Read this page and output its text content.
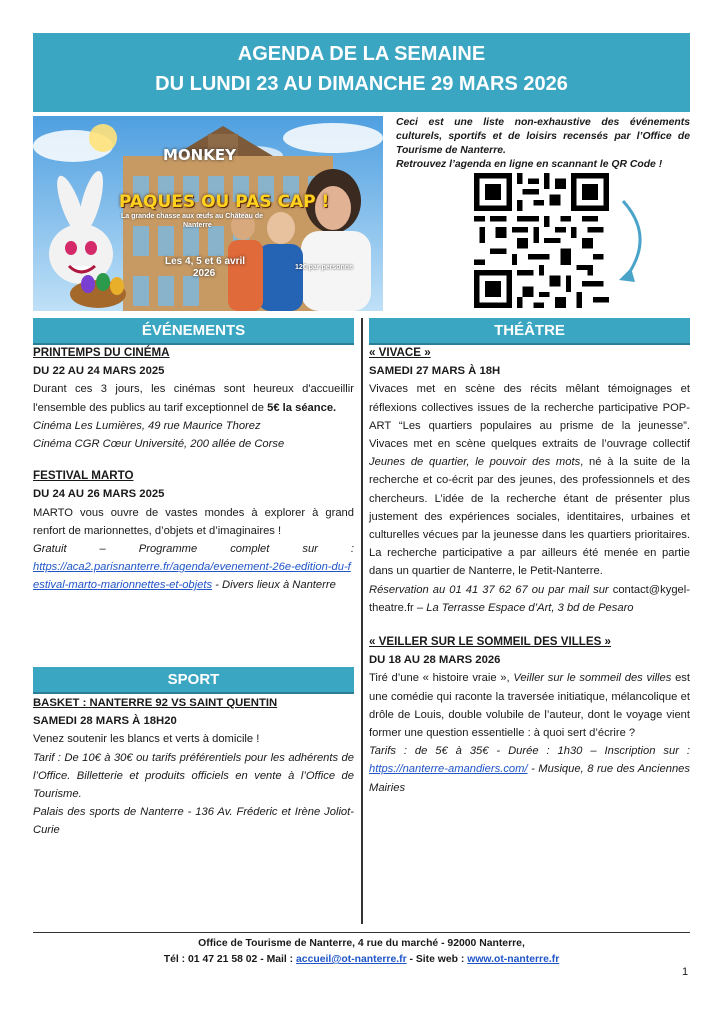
AGENDA DE LA SEMAINE
DU LUNDI 23 AU DIMANCHE 29 MARS 2026
MONKEY
PAQUES OU PAS CAP !
La grande chasse aux œufs au Château de
Nanterre
Les 4, 5 et 6 avril
2026
12€ par personne
Ceci est une liste non-exhaustive des événements culturels, sportifs et de loisirs recensés par l’Office de Tourisme de Nanterre.
Retrouvez l’agenda en ligne en scannant le QR Code !
ÉVÉNEMENTS

PRINTEMPS DU CINÉMA

DU 22 AU 24 MARS 2025

Durant ces 3 jours, les cinémas sont heureux d'accueillir l'ensemble des publics au tarif exceptionnel de 5€ la séance.

Cinéma Les Lumières, 49 rue Maurice Thorez

Cinéma CGR Cœur Université, 200 allée de Corse

FESTIVAL MARTO

DU 24 AU 26 MARS 2025

MARTO vous ouvre de vastes mondes à explorer à grand renfort de marionnettes, d’objets et d’imaginaires !

Gratuit – Programme complet sur :

https://aca2.parisnanterre.fr/agenda/evenement-26e-edition-du-festival-marto-marionnettes-et-objets - Divers lieux à Nanterre

SPORT

BASKET : NANTERRE 92 VS SAINT QUENTIN

SAMEDI 28 MARS À 18H20

Venez soutenir les blancs et verts à domicile !

Tarif : De 10€ à 30€ ou tarifs préférentiels pour les adhérents de l’Office. Billetterie et produits officiels en vente à l’Office de Tourisme.

Palais des sports de Nanterre - 136 Av. Fréderic et Irène Joliot-Curie

THÉÂTRE

« VIVACE »

SAMEDI 27 MARS À 18H

Vivaces met en scène des récits mêlant témoignages et réflexions collectives issues de la recherche participative POP-ART “Les quartiers populaires au prisme de la jeunesse”. Vivaces met en scène quelques extraits de l’ouvrage collectif Jeunes de quartier, le pouvoir des mots, né à la suite de la recherche et co-écrit par des jeunes, des professionnels et des chercheurs. L’idée de la recherche étant de présenter plus justement des expériences sociales, identitaires, urbaines et culturelles vécues par la jeunesse dans les quartiers prioritaires. La recherche participative a par ailleurs été menée en partie dans un quartier de Nanterre, le Petit-Nanterre.

Réservation au 01 41 37 62 67 ou par mail sur contact@kygel-theatre.fr – La Terrasse Espace d’Art, 3 bd de Pesaro

« VEILLER SUR LE SOMMEIL DES VILLES »

DU 18 AU 28 MARS 2026

Tiré d’une « histoire vraie », Veiller sur le sommeil des villes est une comédie qui raconte la traversée initiatique, mélancolique et drôle de Louis, double volubile de l’auteur, dont le voyage vient former une question essentielle : à quoi sert d’écrire ?

Tarifs : de 5€ à 35€ - Durée : 1h30 – Inscription sur : https://nanterre-amandiers.com/ - Musique, 8 rue des Anciennes Mairies

Office de Tourisme de Nanterre, 4 rue du marché - 92000 Nanterre,
Tél : 01 47 21 58 02 - Mail : accueil@ot-nanterre.fr - Site web : www.ot-nanterre.fr
1
